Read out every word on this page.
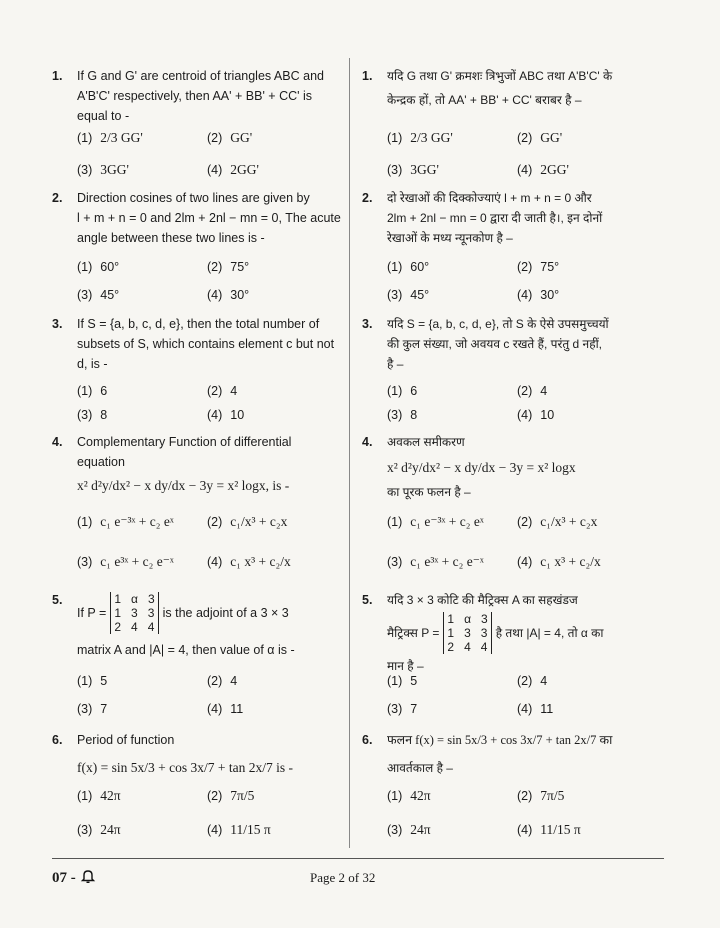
1. If G and G' are centroid of triangles ABC and
A'B'C' respectively, then AA' + BB' + CC' is
equal to -
(1) 2/3 GG'	(2) GG'
(3) 3GG'	(4) 2GG'
2. Direction cosines of two lines are given by
l + m + n = 0 and 2lm + 2nl − mn = 0, The acute
angle between these two lines is -
(1) 60°	(2) 75°
(3) 45°	(4) 30°
3. If S = {a, b, c, d, e}, then the total number of
subsets of S, which contains element c but not
d, is -
(1) 6	(2) 4
(3) 8	(4) 10
4. Complementary Function of differential
equation
x² d²y/dx² − x dy/dx − 3y = x² logx, is -
(1) c₁ e⁻³ˣ + c₂ eˣ	(2) c₁/x³ + c₂x
(3) c₁ e³ˣ + c₂ e⁻ˣ	(4) c₁ x³ + c₂/x
5.
If P =
1 α 3
1 3 3
2 4 4
is the adjoint of a 3 × 3
matrix A and |A| = 4, then value of α is -
(1) 5	(2) 4
(3) 7	(4) 11
6. Period of function
f(x) = sin 5x/3 + cos 3x/7 + tan 2x/7 is -
(1) 42π	(2) 7π/5
(3) 24π	(4) 11/15 π
1. यदि G तथा G' क्रमशः त्रिभुजों ABC तथा A'B'C' के
केन्द्रक हों, तो AA' + BB' + CC' बराबर है –
(1) 2/3 GG'	(2) GG'
(3) 3GG'	(4) 2GG'
2. दो रेखाओं की दिक्कोज्याएं l + m + n = 0 और
2lm + 2nl − mn = 0 द्वारा दी जाती है।, इन दोनों
रेखाओं के मध्य न्यूनकोण है –
(1) 60°	(2) 75°
(3) 45°	(4) 30°
3. यदि S = {a, b, c, d, e}, तो S के ऐसे उपसमुच्चयों
की कुल संख्या, जो अवयव c रखते हैं, परंतु d नहीं,
है –
(1) 6	(2) 4
(3) 8	(4) 10
4. अवकल समीकरण
x² d²y/dx² − x dy/dx − 3y = x² logx
का पूरक फलन है –
(1) c₁ e⁻³ˣ + c₂ eˣ	(2) c₁/x³ + c₂x
(3) c₁ e³ˣ + c₂ e⁻ˣ	(4) c₁ x³ + c₂/x
5. यदि 3 × 3 कोटि की मैट्रिक्स A का सहखंडज
मैट्रिक्स P =
1 α 3
1 3 3
2 4 4
है तथा |A| = 4, तो α का
मान है –
(1) 5	(2) 4
(3) 7	(4) 11
6. फलन f(x) = sin 5x/3 + cos 3x/7 + tan 2x/7 का
आवर्तकाल है –
(1) 42π	(2) 7π/5
(3) 24π	(4) 11/15 π
07 -	Page 2 of 32
